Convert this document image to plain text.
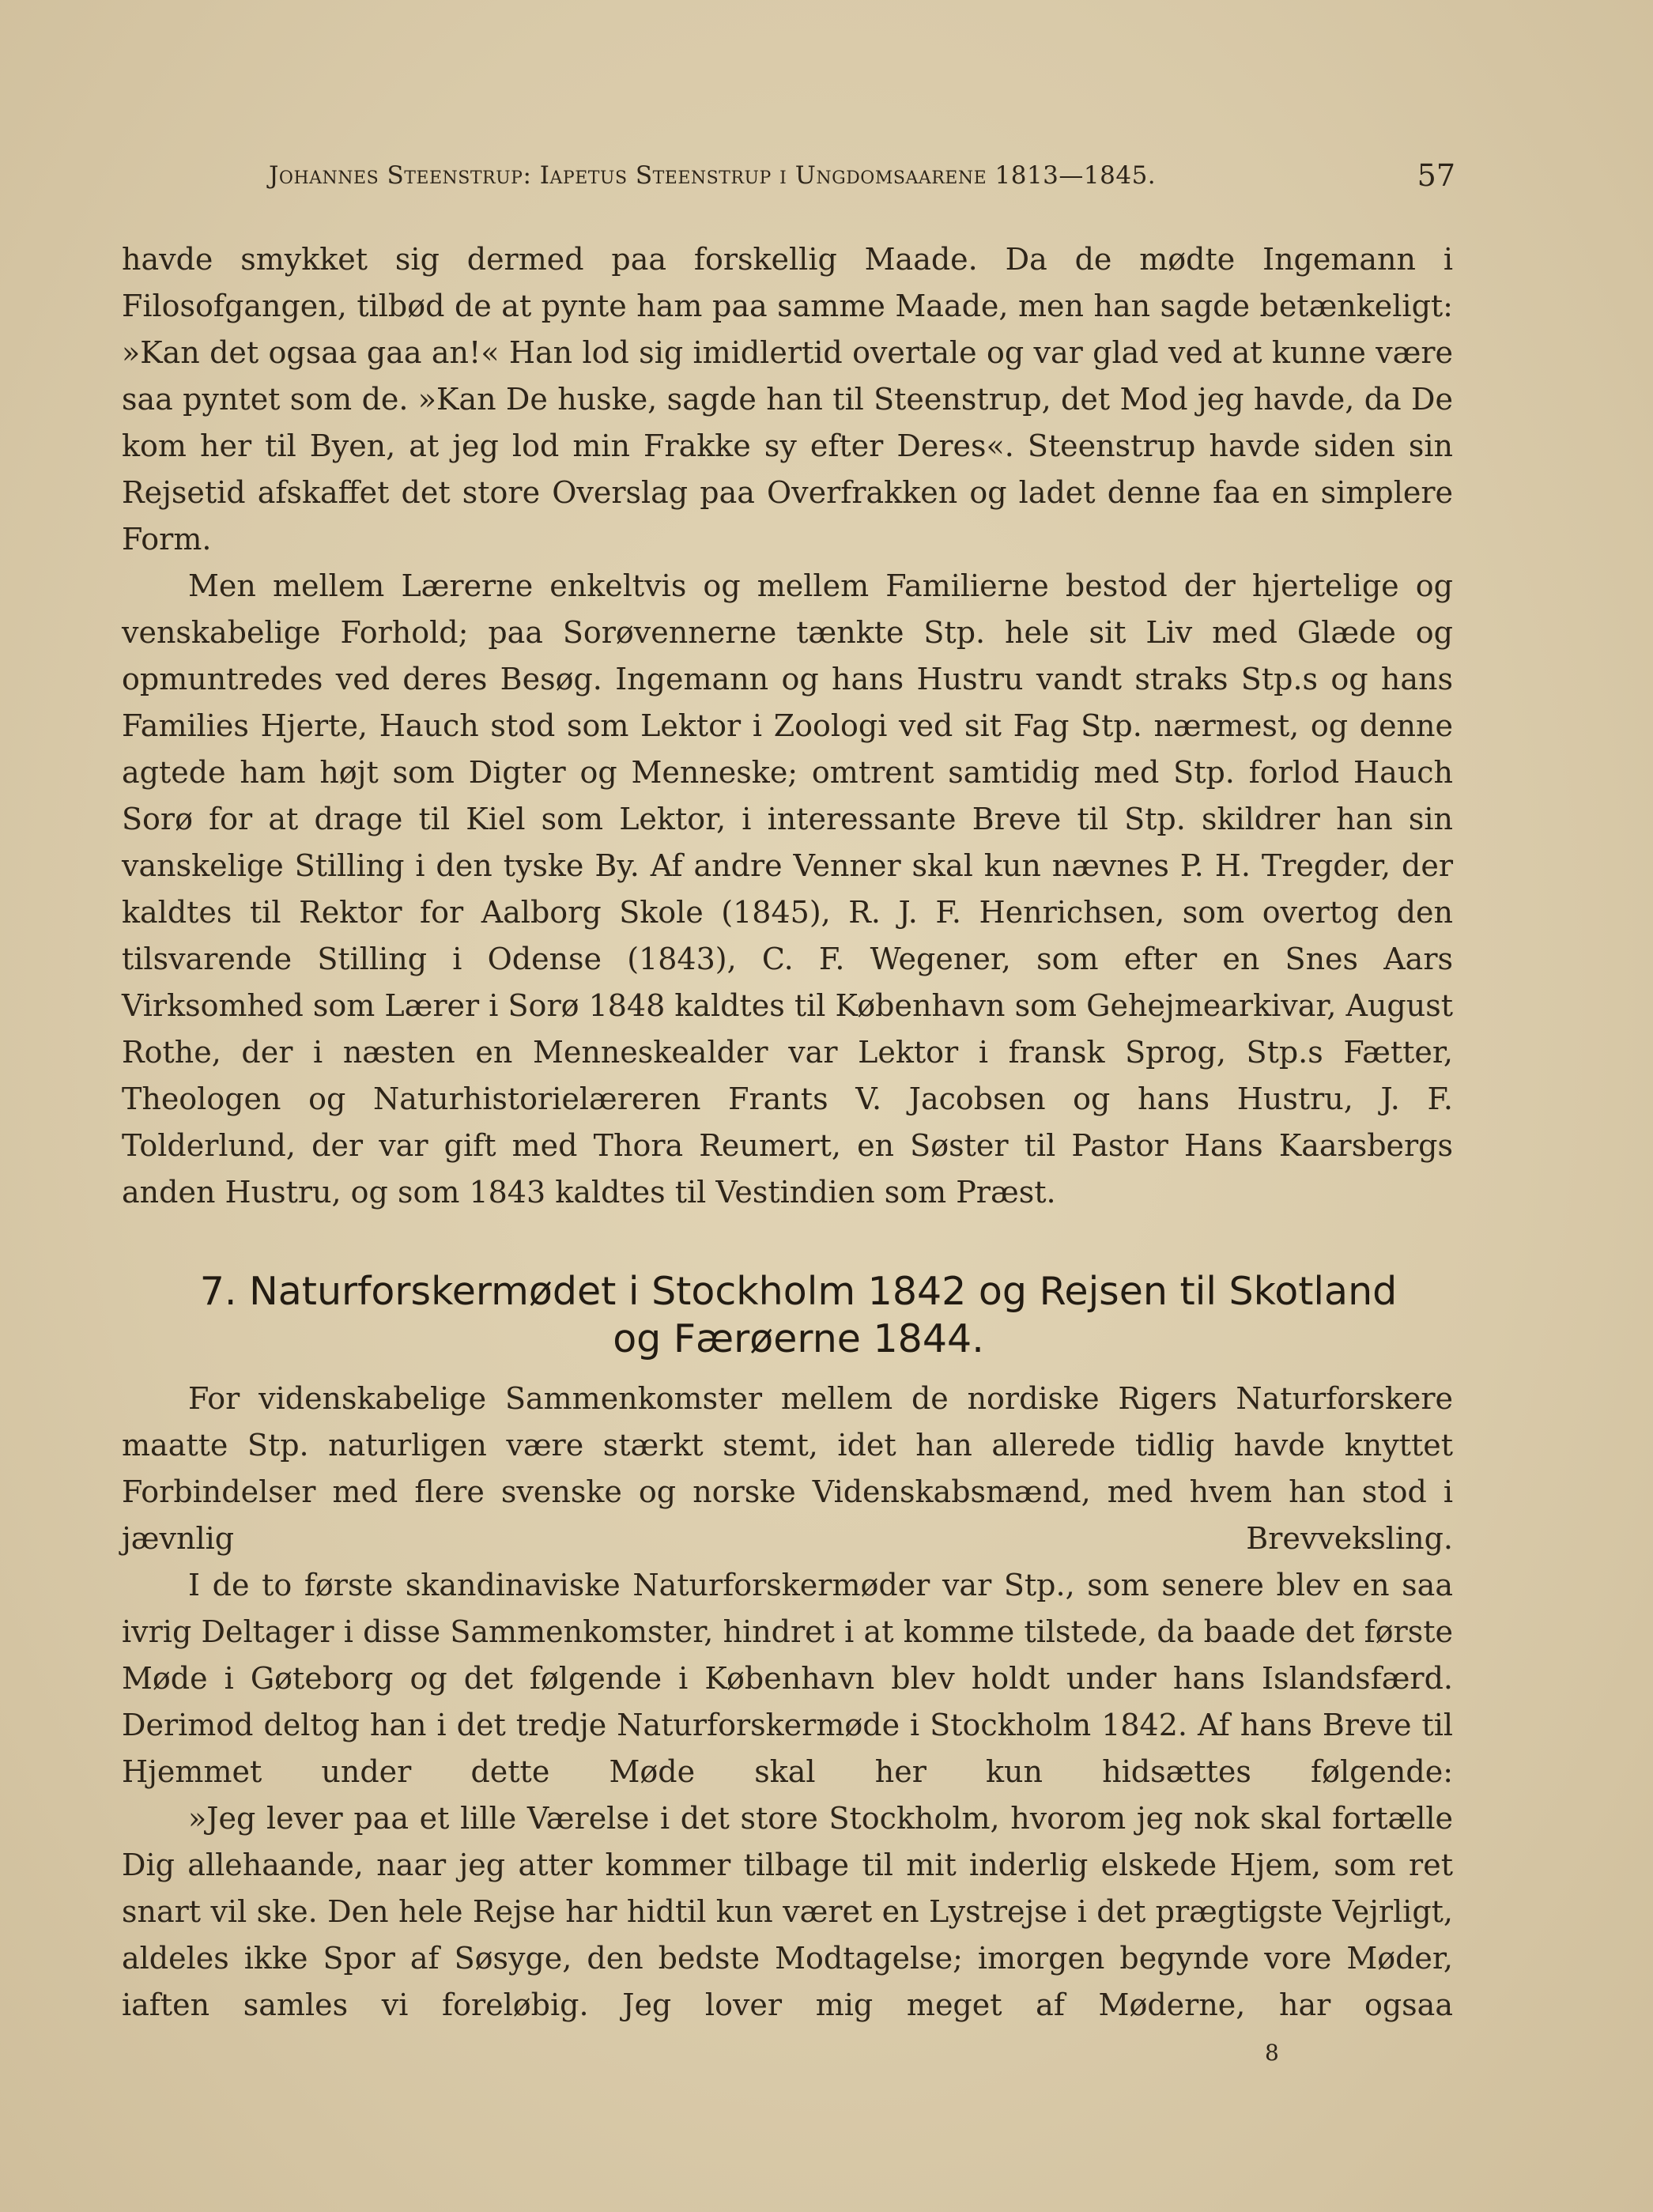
Johannes Steenstrup: Iapetus Steenstrup i Ungdomsaarene 1813—1845.	57

havde smykket sig dermed paa forskellig Maade. Da de mødte Ingemann i Filosofgangen, tilbød de at pynte ham paa samme Maade, men han sagde betænkeligt: »Kan det ogsaa gaa an!« Han lod sig imidlertid overtale og var glad ved at kunne være saa pyntet som de. »Kan De huske, sagde han til Steenstrup, det Mod jeg havde, da De kom her til Byen, at jeg lod min Frakke sy efter Deres«. Steenstrup havde siden sin Rejsetid afskaffet det store Overslag paa Overfrakken og ladet denne faa en simplere Form.

Men mellem Lærerne enkeltvis og mellem Familierne bestod der hjertelige og venskabelige Forhold; paa Sorøvennerne tænkte Stp. hele sit Liv med Glæde og opmuntredes ved deres Besøg. Ingemann og hans Hustru vandt straks Stp.s og hans Families Hjerte, Hauch stod som Lektor i Zoologi ved sit Fag Stp. nærmest, og denne agtede ham højt som Digter og Menneske; omtrent samtidig med Stp. forlod Hauch Sorø for at drage til Kiel som Lektor, i interessante Breve til Stp. skildrer han sin vanskelige Stilling i den tyske By. Af andre Venner skal kun nævnes P. H. Tregder, der kaldtes til Rektor for Aalborg Skole (1845), R. J. F. Henrichsen, som overtog den tilsvarende Stilling i Odense (1843), C. F. Wegener, som efter en Snes Aars Virksomhed som Lærer i Sorø 1848 kaldtes til København som Gehejmearkivar, August Rothe, der i næsten en Menneskealder var Lektor i fransk Sprog, Stp.s Fætter, Theologen og Naturhistorielæreren Frants V. Jacobsen og hans Hustru, J. F. Tolderlund, der var gift med Thora Reumert, en Søster til Pastor Hans Kaarsbergs anden Hustru, og som 1843 kaldtes til Vestindien som Præst.

7. Naturforskermødet i Stockholm 1842 og Rejsen til Skotland
og Færøerne 1844.

For videnskabelige Sammenkomster mellem de nordiske Rigers Naturforskere maatte Stp. naturligen være stærkt stemt, idet han allerede tidlig havde knyttet Forbindelser med flere svenske og norske Videnskabsmænd, med hvem han stod i jævnlig Brevveksling.

I de to første skandinaviske Naturforskermøder var Stp., som senere blev en saa ivrig Deltager i disse Sammenkomster, hindret i at komme tilstede, da baade det første Møde i Gøteborg og det følgende i København blev holdt under hans Islandsfærd. Derimod deltog han i det tredje Naturforskermøde i Stockholm 1842. Af hans Breve til Hjemmet under dette Møde skal her kun hidsættes følgende:

»Jeg lever paa et lille Værelse i det store Stockholm, hvorom jeg nok skal fortælle Dig allehaande, naar jeg atter kommer tilbage til mit inderlig elskede Hjem, som ret snart vil ske. Den hele Rejse har hidtil kun været en Lystrejse i det prægtigste Vejrligt, aldeles ikke Spor af Søsyge, den bedste Modtagelse; imorgen begynde vore Møder, iaften samles vi foreløbig. Jeg lover mig meget af Møderne, har ogsaa

8
